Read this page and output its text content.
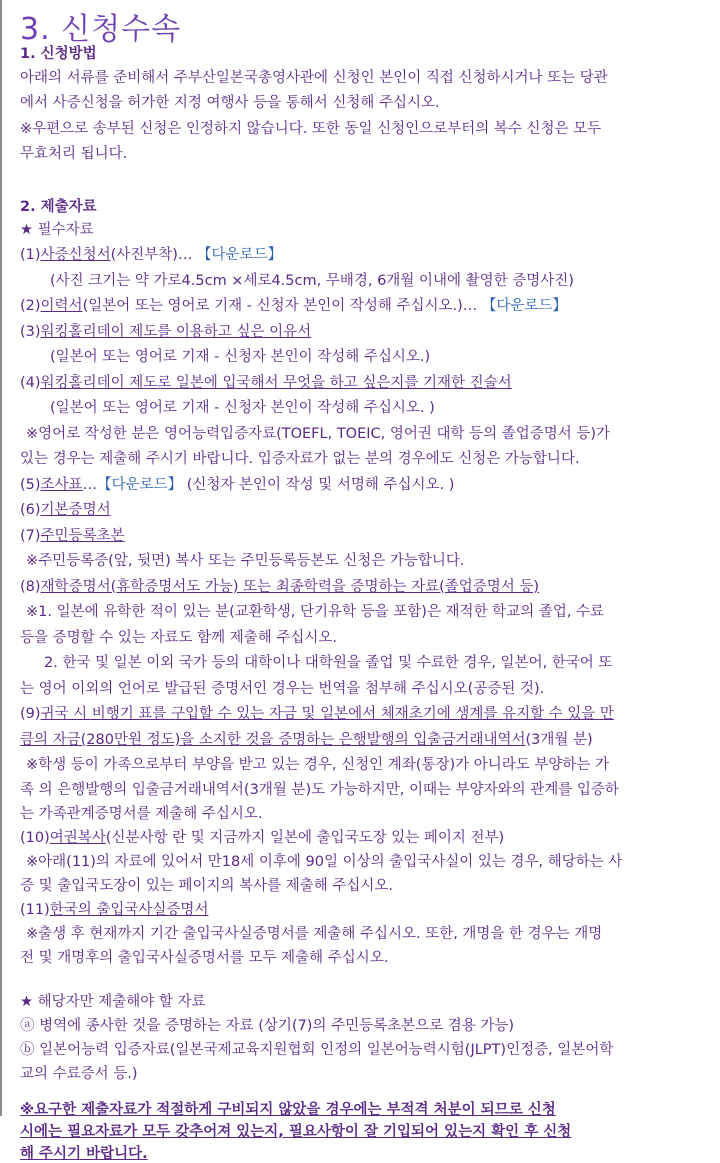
3. 신청수속
1. 신청방법
아래의 서류를 준비해서 주부산일본국총영사관에 신청인 본인이 직접 신청하시거나 또는 당관
에서 사증신청을 허가한 지정 여행사 등을 통해서 신청해 주십시오.
※우편으로 송부된 신청은 인정하지 않습니다. 또한 동일 신청인으로부터의 복수 신청은 모두
무효처리 됩니다.
2. 제출자료
★ 필수자료
(1)사증신청서(사진부착)… 【다운로드】
(사진 크기는 약 가로4.5cm ×세로4.5cm, 무배경, 6개월 이내에 촬영한 증명사진)
(2)이력서(일본어 또는 영어로 기재 - 신청자 본인이 작성해 주십시오.)… 【다운로드】
(3)워킹홀리데이 제도를 이용하고 싶은 이유서
(일본어 또는 영어로 기재 - 신청자 본인이 작성해 주십시오.)
(4)워킹홀리데이 제도로 일본에 입국해서 무엇을 하고 싶은지를 기재한 진술서
(일본어 또는 영어로 기재 - 신청자 본인이 작성해 주십시오. )
※영어로 작성한 분은 영어능력입증자료(TOEFL, TOEIC, 영어권 대학 등의 졸업증명서 등)가
있는 경우는 제출해 주시기 바랍니다. 입증자료가 없는 분의 경우에도 신청은 가능합니다.
(5)조사표…【다운로드】 (신청자 본인이 작성 및 서명해 주십시오. )
(6)기본증명서
(7)주민등록초본
※주민등록증(앞, 뒷면) 복사 또는 주민등록등본도 신청은 가능합니다.
(8)재학증명서(휴학증명서도 가능) 또는 최종학력을 증명하는 자료(졸업증명서 등)
※1. 일본에 유학한 적이 있는 분(교환학생, 단기유학 등을 포함)은 재적한 학교의 졸업, 수료
등을 증명할 수 있는 자료도 함께 제출해 주십시오.
2. 한국 및 일본 이외 국가 등의 대학이나 대학원을 졸업 및 수료한 경우, 일본어, 한국어 또
는 영어 이외의 언어로 발급된 증명서인 경우는 번역을 첨부해 주십시오(공증된 것).
(9)귀국 시 비행기 표를 구입할 수 있는 자금 및 일본에서 체재초기에 생계를 유지할 수 있을 만
큼의 자금(280만원 정도)을 소지한 것을 증명하는 은행발행의 입출금거래내역서(3개월 분)
※학생 등이 가족으로부터 부양을 받고 있는 경우, 신청인 계좌(통장)가 아니라도 부양하는 가
족 의 은행발행의 입출금거래내역서(3개월 분)도 가능하지만, 이때는 부양자와의 관계를 입증하
는 가족관계증명서를 제출해 주십시오.
(10)여권복사(신분사항 란 및 지금까지 일본에 출입국도장 있는 페이지 전부)
※아래(11)의 자료에 있어서 만18세 이후에 90일 이상의 출입국사실이 있는 경우, 해당하는 사
증 및 출입국도장이 있는 페이지의 복사를 제출해 주십시오.
(11)한국의 출입국사실증명서
※출생 후 현재까지 기간 출입국사실증명서를 제출해 주십시오. 또한, 개명을 한 경우는 개명
전 및 개명후의 출입국사실증명서를 모두 제출해 주십시오.
★ 해당자만 제출해야 할 자료
ⓐ 병역에 종사한 것을 증명하는 자료 (상기(7)의 주민등록초본으로 겸용 가능)
ⓑ 일본어능력 입증자료(일본국제교육지원협회 인정의 일본어능력시험(JLPT)인정증, 일본어학
교의 수료증서 등.)
※요구한 제출자료가 적절하게 구비되지 않았을 경우에는 부적격 처분이 되므로 신청
시에는 필요자료가 모두 갖추어져 있는지, 필요사항이 잘 기입되어 있는지 확인 후 신청
해 주시기 바랍니다.
